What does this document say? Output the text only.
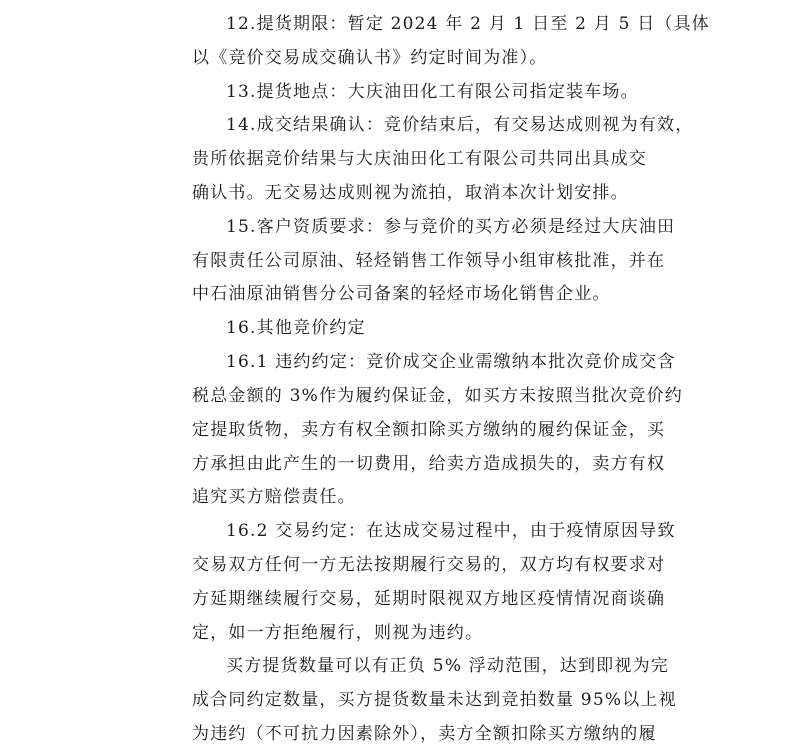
12.提货期限：暂定 2024 年 2 月 1 日至 2 月 5 日（具体
以《竞价交易成交确认书》约定时间为准）。
13.提货地点：大庆油田化工有限公司指定装车场。
14.成交结果确认：竞价结束后，有交易达成则视为有效，
贵所依据竞价结果与大庆油田化工有限公司共同出具成交
确认书。无交易达成则视为流拍，取消本次计划安排。
15.客户资质要求：参与竞价的买方必须是经过大庆油田
有限责任公司原油、轻烃销售工作领导小组审核批准，并在
中石油原油销售分公司备案的轻烃市场化销售企业。
16.其他竞价约定
16.1 违约约定：竞价成交企业需缴纳本批次竞价成交含
税总金额的 3%作为履约保证金，如买方未按照当批次竞价约
定提取货物，卖方有权全额扣除买方缴纳的履约保证金，买
方承担由此产生的一切费用，给卖方造成损失的，卖方有权
追究买方赔偿责任。
16.2 交易约定：在达成交易过程中，由于疫情原因导致
交易双方任何一方无法按期履行交易的，双方均有权要求对
方延期继续履行交易，延期时限视双方地区疫情情况商谈确
定，如一方拒绝履行，则视为违约。
买方提货数量可以有正负 5% 浮动范围，达到即视为完
成合同约定数量，买方提货数量未达到竞拍数量 95%以上视
为违约（不可抗力因素除外），卖方全额扣除买方缴纳的履
